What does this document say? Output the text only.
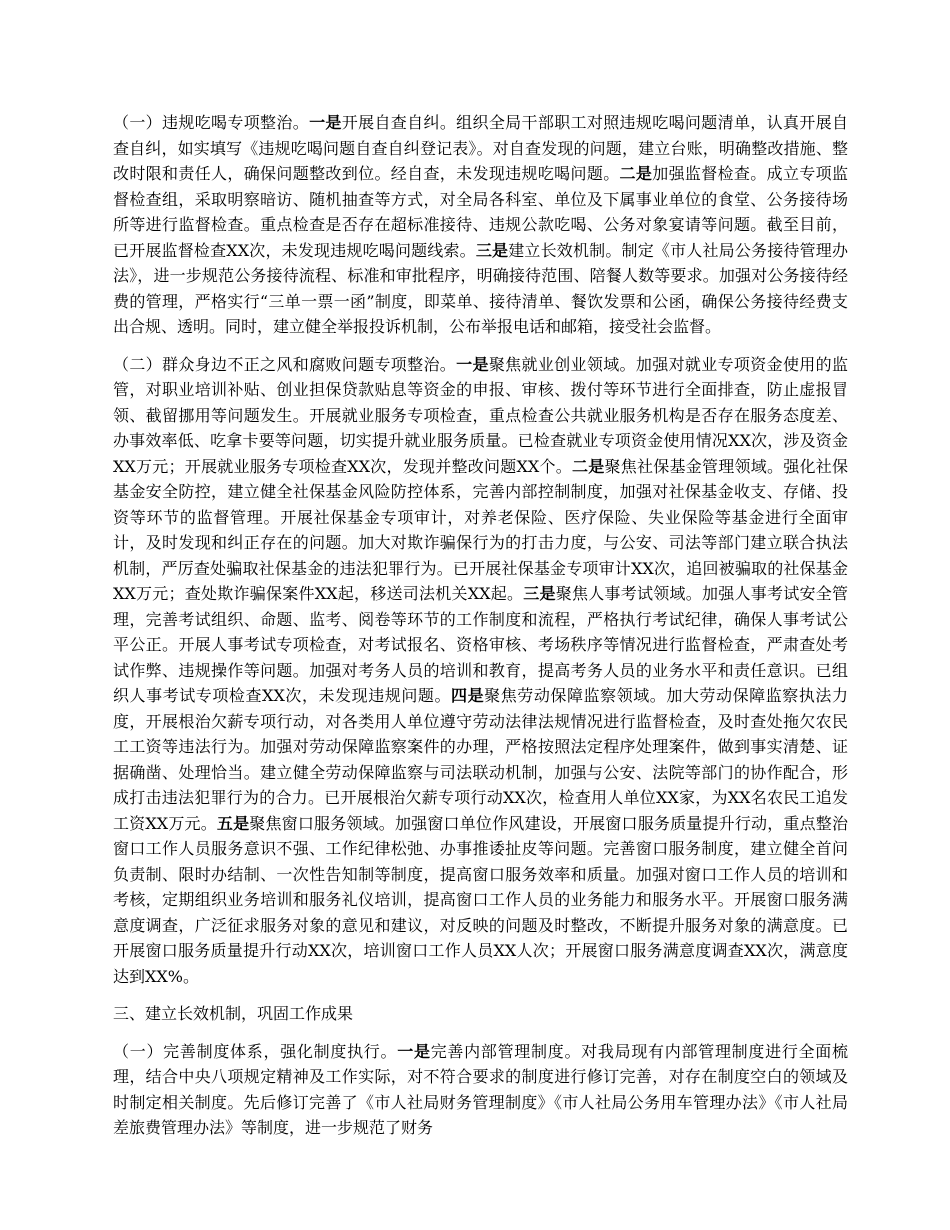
（一）违规吃喝专项整治。一是开展自查自纠。组织全局干部职工对照违规吃喝问题清单，认真开展自查自纠，如实填写《违规吃喝问题自查自纠登记表》。对自查发现的问题，建立台账，明确整改措施、整改时限和责任人，确保问题整改到位。经自查，未发现违规吃喝问题。二是加强监督检查。成立专项监督检查组，采取明察暗访、随机抽查等方式，对全局各科室、单位及下属事业单位的食堂、公务接待场所等进行监督检查。重点检查是否存在超标准接待、违规公款吃喝、公务对象宴请等问题。截至目前，已开展监督检查XX次，未发现违规吃喝问题线索。三是建立长效机制。制定《市人社局公务接待管理办法》，进一步规范公务接待流程、标准和审批程序，明确接待范围、陪餐人数等要求。加强对公务接待经费的管理，严格实行“三单一票一函”制度，即菜单、接待清单、餐饮发票和公函，确保公务接待经费支出合规、透明。同时，建立健全举报投诉机制，公布举报电话和邮箱，接受社会监督。

（二）群众身边不正之风和腐败问题专项整治。一是聚焦就业创业领域。加强对就业专项资金使用的监管，对职业培训补贴、创业担保贷款贴息等资金的申报、审核、拨付等环节进行全面排查，防止虚报冒领、截留挪用等问题发生。开展就业服务专项检查，重点检查公共就业服务机构是否存在服务态度差、办事效率低、吃拿卡要等问题，切实提升就业服务质量。已检查就业专项资金使用情况XX次，涉及资金XX万元；开展就业服务专项检查XX次，发现并整改问题XX个。二是聚焦社保基金管理领域。强化社保基金安全防控，建立健全社保基金风险防控体系，完善内部控制制度，加强对社保基金收支、存储、投资等环节的监督管理。开展社保基金专项审计，对养老保险、医疗保险、失业保险等基金进行全面审计，及时发现和纠正存在的问题。加大对欺诈骗保行为的打击力度，与公安、司法等部门建立联合执法机制，严厉查处骗取社保基金的违法犯罪行为。已开展社保基金专项审计XX次，追回被骗取的社保基金XX万元；查处欺诈骗保案件XX起，移送司法机关XX起。三是聚焦人事考试领域。加强人事考试安全管理，完善考试组织、命题、监考、阅卷等环节的工作制度和流程，严格执行考试纪律，确保人事考试公平公正。开展人事考试专项检查，对考试报名、资格审核、考场秩序等情况进行监督检查，严肃查处考试作弊、违规操作等问题。加强对考务人员的培训和教育，提高考务人员的业务水平和责任意识。已组织人事考试专项检查XX次，未发现违规问题。四是聚焦劳动保障监察领域。加大劳动保障监察执法力度，开展根治欠薪专项行动，对各类用人单位遵守劳动法律法规情况进行监督检查，及时查处拖欠农民工工资等违法行为。加强对劳动保障监察案件的办理，严格按照法定程序处理案件，做到事实清楚、证据确凿、处理恰当。建立健全劳动保障监察与司法联动机制，加强与公安、法院等部门的协作配合，形成打击违法犯罪行为的合力。已开展根治欠薪专项行动XX次，检查用人单位XX家，为XX名农民工追发工资XX万元。五是聚焦窗口服务领域。加强窗口单位作风建设，开展窗口服务质量提升行动，重点整治窗口工作人员服务意识不强、工作纪律松弛、办事推诿扯皮等问题。完善窗口服务制度，建立健全首问负责制、限时办结制、一次性告知制等制度，提高窗口服务效率和质量。加强对窗口工作人员的培训和考核，定期组织业务培训和服务礼仪培训，提高窗口工作人员的业务能力和服务水平。开展窗口服务满意度调查，广泛征求服务对象的意见和建议，对反映的问题及时整改，不断提升服务对象的满意度。已开展窗口服务质量提升行动XX次，培训窗口工作人员XX人次；开展窗口服务满意度调查XX次，满意度达到XX%。

三、建立长效机制，巩固工作成果

（一）完善制度体系，强化制度执行。一是完善内部管理制度。对我局现有内部管理制度进行全面梳理，结合中央八项规定精神及工作实际，对不符合要求的制度进行修订完善，对存在制度空白的领域及时制定相关制度。先后修订完善了《市人社局财务管理制度》《市人社局公务用车管理办法》《市人社局差旅费管理办法》等制度，进一步规范了财务
